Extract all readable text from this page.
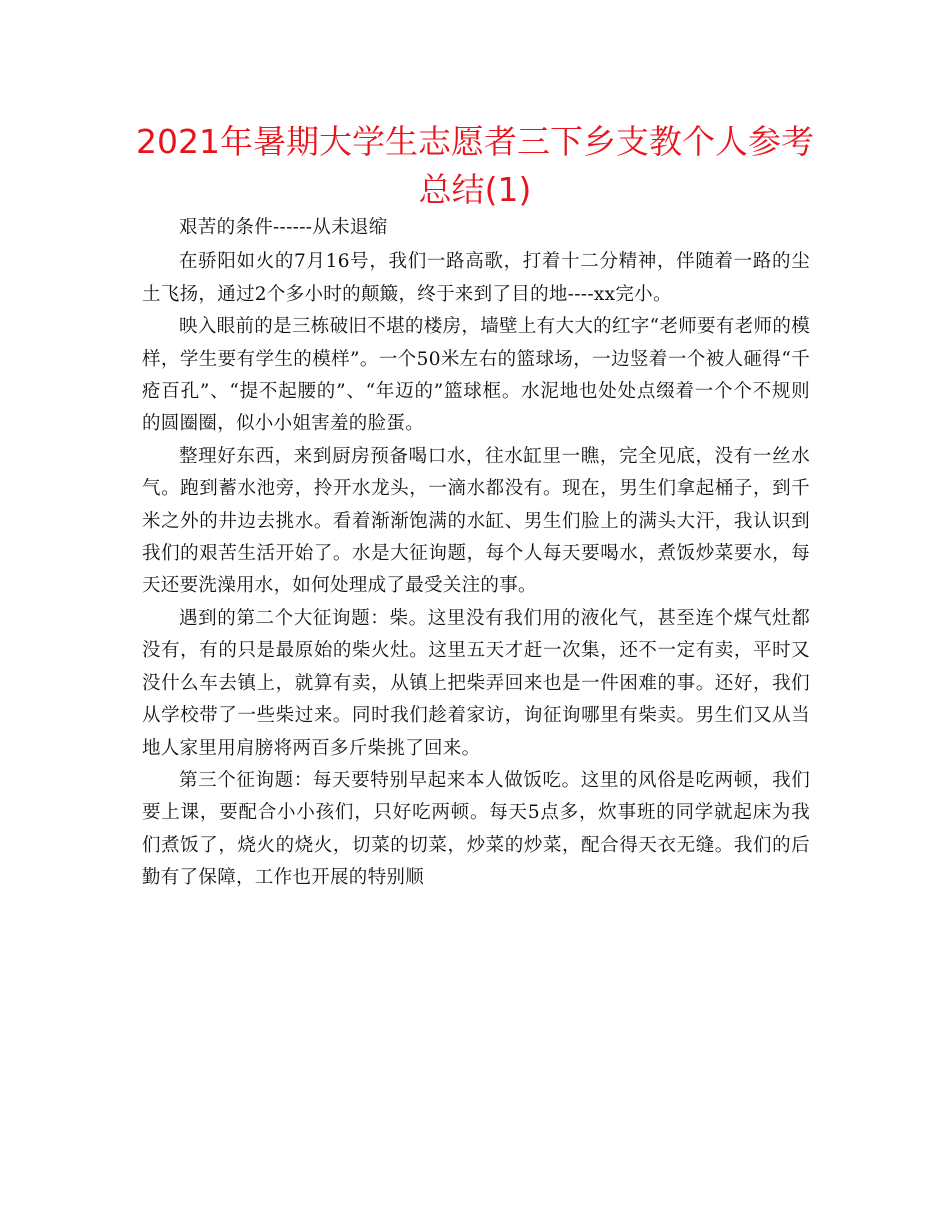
2021年暑期大学生志愿者三下乡支教个人参考总结(1)

艰苦的条件------从未退缩

在骄阳如火的7月16号，我们一路高歌，打着十二分精神，伴随着一路的尘土飞扬，通过2个多小时的颠簸，终于来到了目的地----xx完小。

映入眼前的是三栋破旧不堪的楼房，墙壁上有大大的红字“老师要有老师的模样，学生要有学生的模样”。一个50米左右的篮球场，一边竖着一个被人砸得“千疮百孔”、“提不起腰的”、“年迈的”篮球框。水泥地也处处点缀着一个个不规则的圆圈圈，似小小姐害羞的脸蛋。

整理好东西，来到厨房预备喝口水，往水缸里一瞧，完全见底，没有一丝水气。跑到蓄水池旁，拎开水龙头，一滴水都没有。现在，男生们拿起桶子，到千米之外的井边去挑水。看着渐渐饱满的水缸、男生们脸上的满头大汗，我认识到我们的艰苦生活开始了。水是大征询题，每个人每天要喝水，煮饭炒菜要水，每天还要洗澡用水，如何处理成了最受关注的事。

遇到的第二个大征询题：柴。这里没有我们用的液化气，甚至连个煤气灶都没有，有的只是最原始的柴火灶。这里五天才赶一次集，还不一定有卖，平时又没什么车去镇上，就算有卖，从镇上把柴弄回来也是一件困难的事。还好，我们从学校带了一些柴过来。同时我们趁着家访，询征询哪里有柴卖。男生们又从当地人家里用肩膀将两百多斤柴挑了回来。

第三个征询题：每天要特别早起来本人做饭吃。这里的风俗是吃两顿，我们要上课，要配合小小孩们，只好吃两顿。每天5点多，炊事班的同学就起床为我们煮饭了，烧火的烧火，切菜的切菜，炒菜的炒菜，配合得天衣无缝。我们的后勤有了保障，工作也开展的特别顺
